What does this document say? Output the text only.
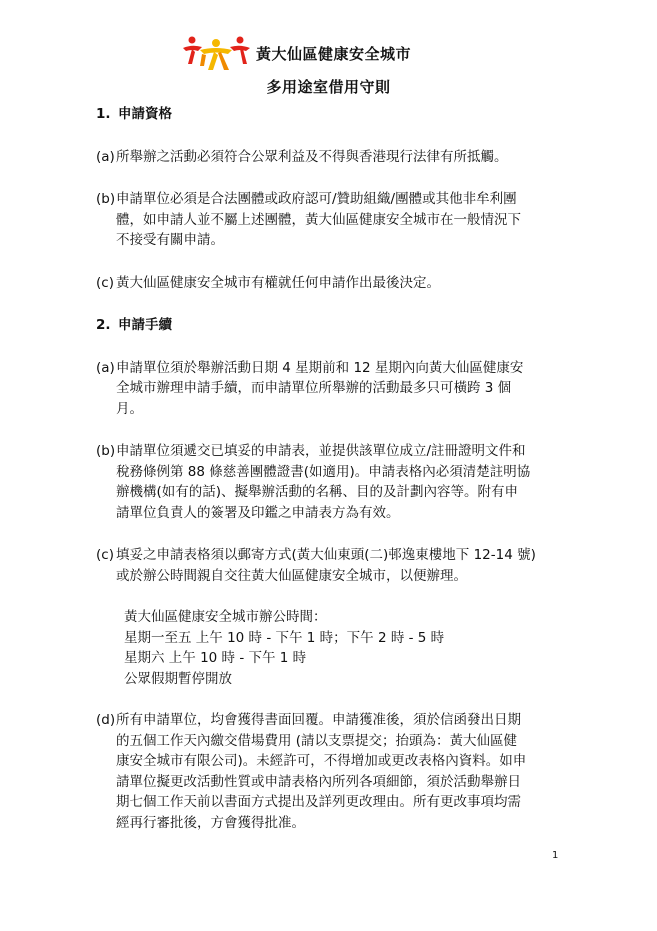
黃大仙區健康安全城市
多用途室借用守則

1. 申請資格

(a) 所舉辦之活動必須符合公眾利益及不得與香港現行法律有所抵觸。
(b) 申請單位必須是合法團體或政府認可/贊助組織/團體或其他非牟利團
體，如申請人並不屬上述團體，黃大仙區健康安全城市在一般情況下
不接受有關申請。
(c) 黃大仙區健康安全城市有權就任何申請作出最後決定。

2. 申請手續

(a) 申請單位須於舉辦活動日期 4 星期前和 12 星期內向黃大仙區健康安
全城市辦理申請手續，而申請單位所舉辦的活動最多只可橫跨 3 個
月。
(b) 申請單位須遞交已填妥的申請表，並提供該單位成立/註冊證明文件和
稅務條例第 88 條慈善團體證書(如適用)。申請表格內必須清楚註明協
辦機構(如有的話)、擬舉辦活動的名稱、目的及計劃內容等。附有申
請單位負責人的簽署及印鑑之申請表方為有效。
(c) 填妥之申請表格須以郵寄方式(黃大仙東頭(二)邨逸東樓地下 12-14 號)
或於辦公時間親自交往黃大仙區健康安全城市，以便辦理。

黃大仙區健康安全城市辦公時間：

星期一至五 上午 10 時 - 下午 1 時；下午 2 時 - 5 時

星期六 上午 10 時 - 下午 1 時

公眾假期暫停開放

(d) 所有申請單位，均會獲得書面回覆。申請獲准後，須於信函發出日期
的五個工作天內繳交借場費用 (請以支票提交；抬頭為：黃大仙區健
康安全城市有限公司)。未經許可，不得增加或更改表格內資料。如申
請單位擬更改活動性質或申請表格內所列各項細節，須於活動舉辦日
期七個工作天前以書面方式提出及詳列更改理由。所有更改事項均需
經再行審批後，方會獲得批准。
1
